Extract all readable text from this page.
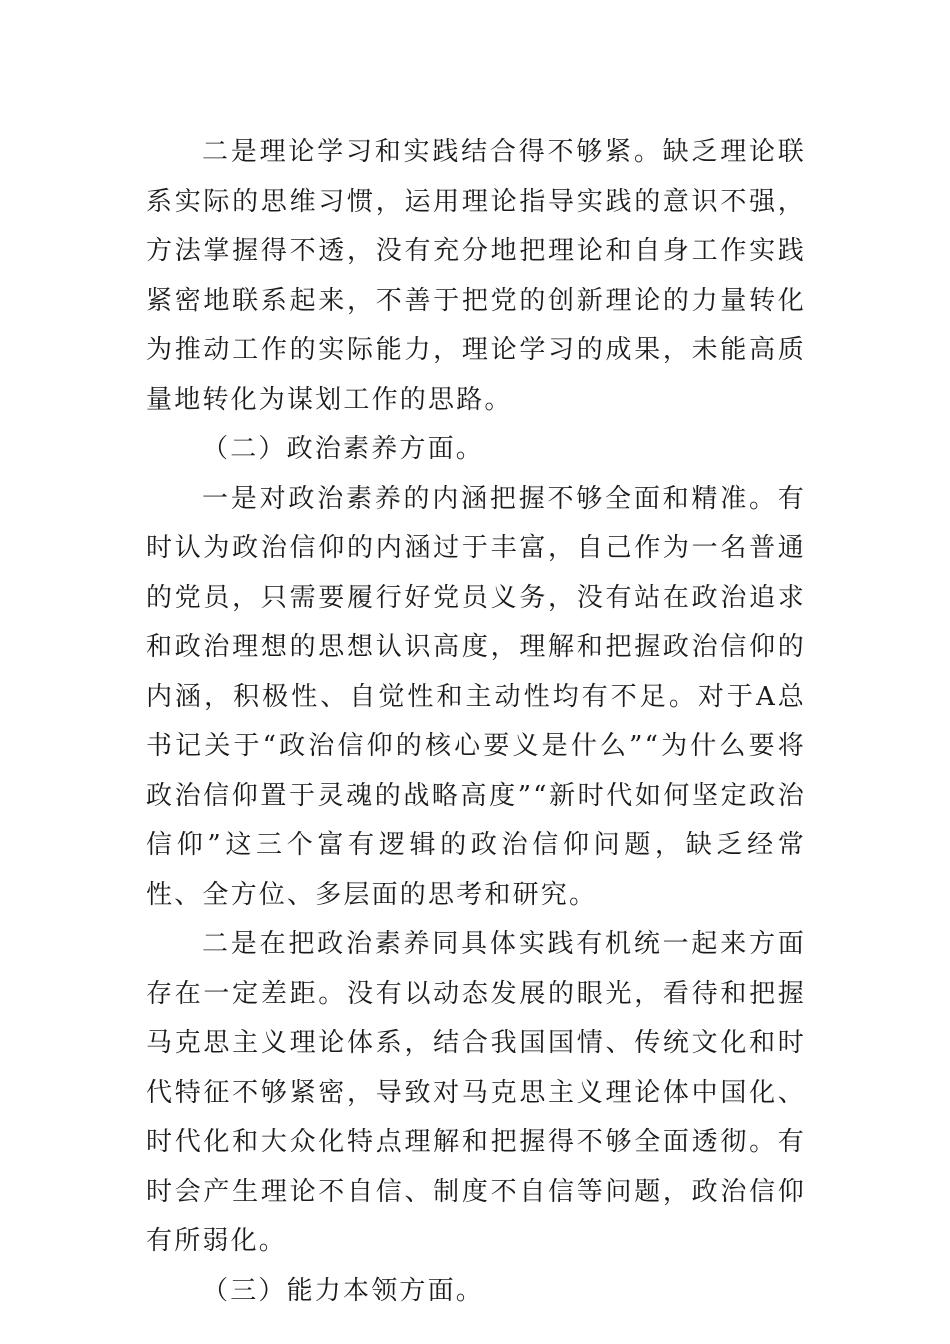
二是理论学习和实践结合得不够紧。缺乏理论联系实际的思维习惯，运用理论指导实践的意识不强，方法掌握得不透，没有充分地把理论和自身工作实践紧密地联系起来，不善于把党的创新理论的力量转化为推动工作的实际能力，理论学习的成果，未能高质量地转化为谋划工作的思路。

（二）政治素养方面。

一是对政治素养的内涵把握不够全面和精准。有时认为政治信仰的内涵过于丰富，自己作为一名普通的党员，只需要履行好党员义务，没有站在政治追求和政治理想的思想认识高度，理解和把握政治信仰的内涵，积极性、自觉性和主动性均有不足。对于A总书记关于“政治信仰的核心要义是什么”“为什么要将政治信仰置于灵魂的战略高度”“新时代如何坚定政治信仰”这三个富有逻辑的政治信仰问题，缺乏经常性、全方位、多层面的思考和研究。

二是在把政治素养同具体实践有机统一起来方面存在一定差距。没有以动态发展的眼光，看待和把握马克思主义理论体系，结合我国国情、传统文化和时代特征不够紧密，导致对马克思主义理论体中国化、时代化和大众化特点理解和把握得不够全面透彻。有时会产生理论不自信、制度不自信等问题，政治信仰有所弱化。

（三）能力本领方面。
